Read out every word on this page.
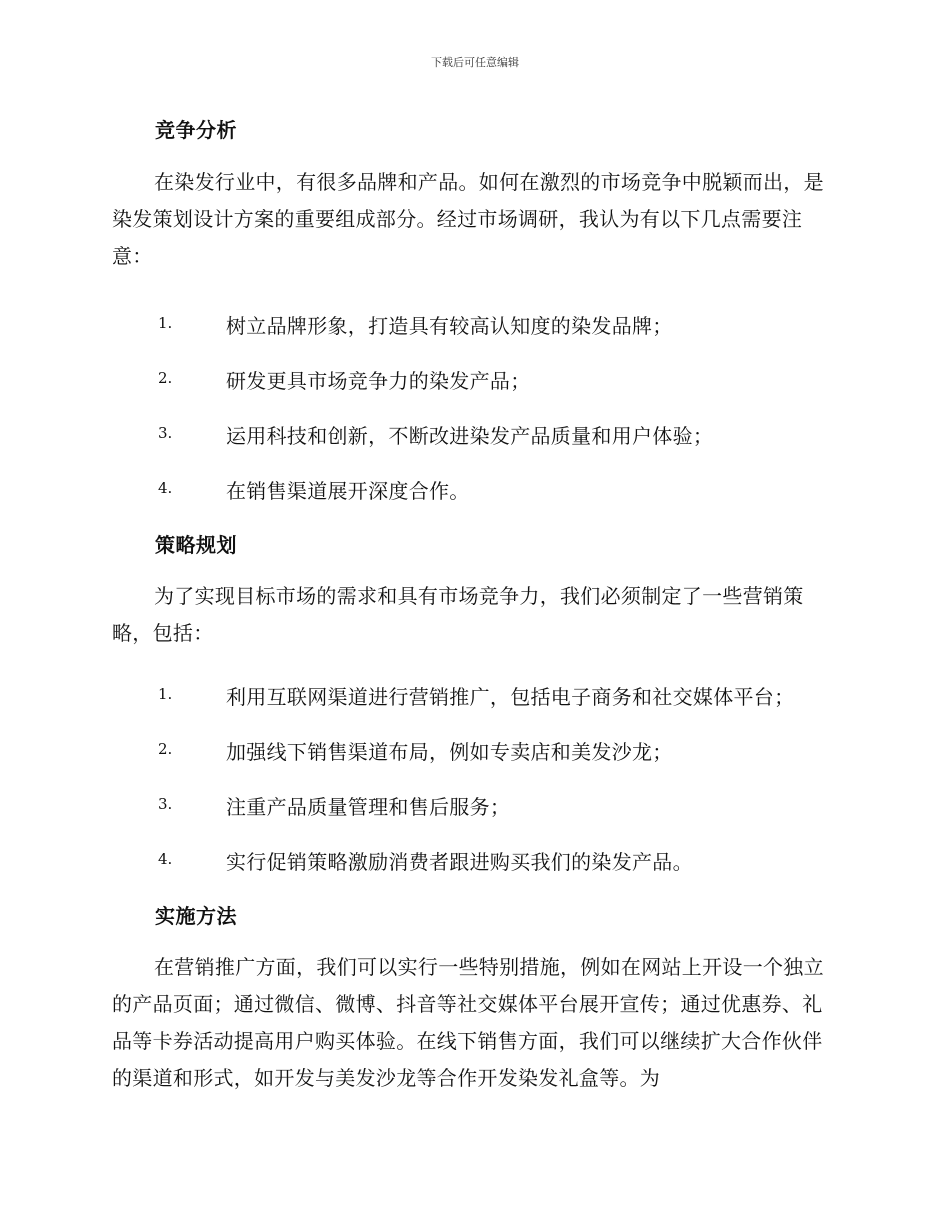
下载后可任意编辑
竞争分析
在染发行业中，有很多品牌和产品。如何在激烈的市场竞争中脱颖而出，是染发策划设计方案的重要组成部分。经过市场调研，我认为有以下几点需要注意：
1.	树立品牌形象，打造具有较高认知度的染发品牌；
2.	研发更具市场竞争力的染发产品；
3.	运用科技和创新，不断改进染发产品质量和用户体验；
4.	在销售渠道展开深度合作。
策略规划
为了实现目标市场的需求和具有市场竞争力，我们必须制定了一些营销策略，包括：
1.	利用互联网渠道进行营销推广，包括电子商务和社交媒体平台；
2.	加强线下销售渠道布局，例如专卖店和美发沙龙；
3.	注重产品质量管理和售后服务；
4.	实行促销策略激励消费者跟进购买我们的染发产品。
实施方法
在营销推广方面，我们可以实行一些特别措施，例如在网站上开设一个独立的产品页面；通过微信、微博、抖音等社交媒体平台展开宣传；通过优惠券、礼品等卡券活动提高用户购买体验。在线下销售方面，我们可以继续扩大合作伙伴的渠道和形式，如开发与美发沙龙等合作开发染发礼盒等。为
